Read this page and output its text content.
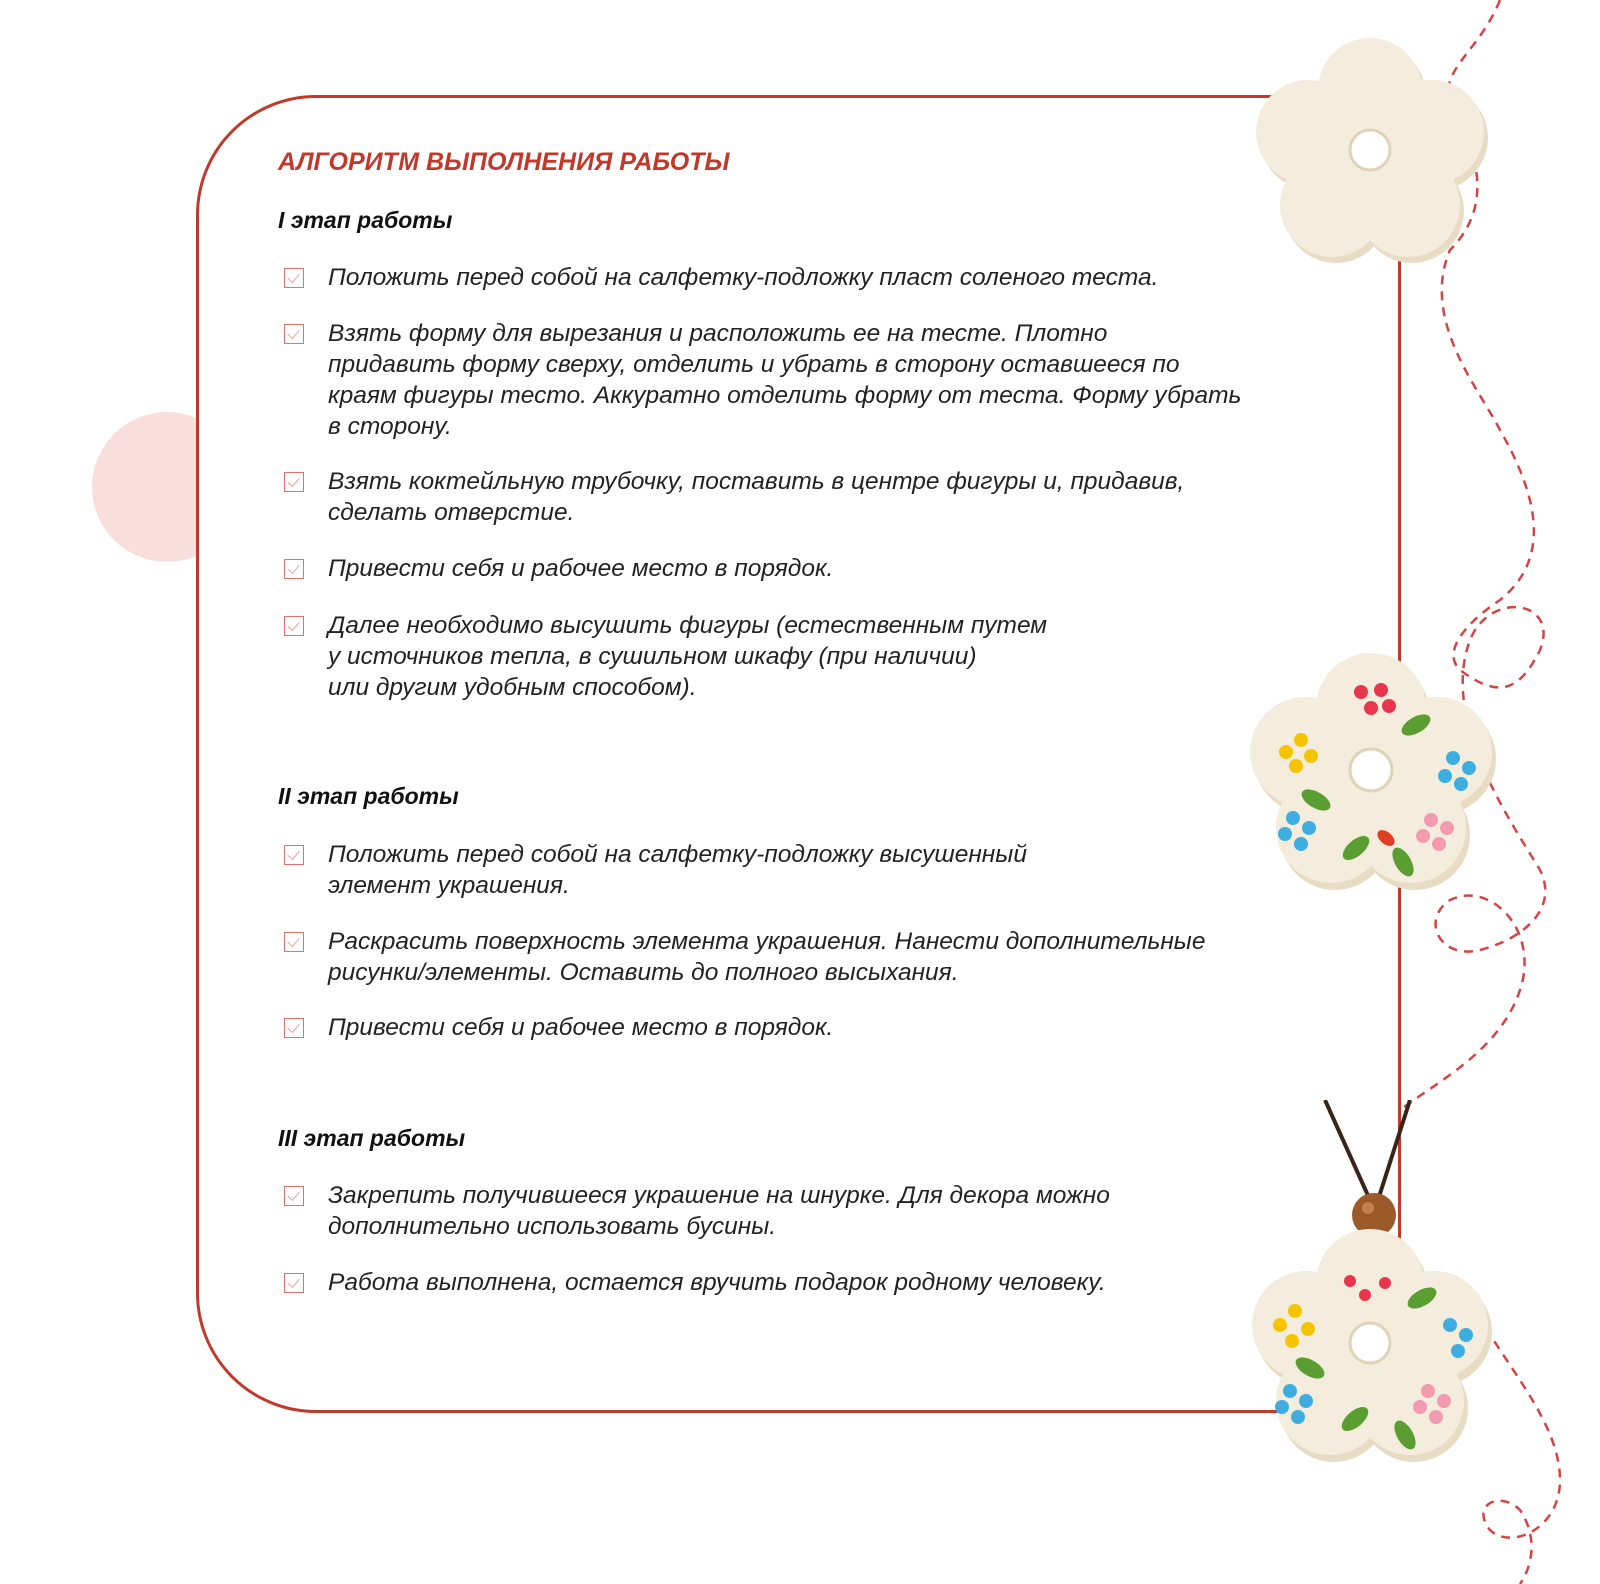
АЛГОРИТМ ВЫПОЛНЕНИЯ РАБОТЫ
I этап работы
Положить перед собой на салфетку-подложку пласт соленого теста.
Взять форму для вырезания и расположить ее на тесте. Плотно
придавить форму сверху, отделить и убрать в сторону оставшееся по
краям фигуры тесто. Аккуратно отделить форму от теста. Форму убрать
в сторону.
Взять коктейльную трубочку, поставить в центре фигуры и, придавив,
сделать отверстие.
Привести себя и рабочее место в порядок.
Далее необходимо высушить фигуры (естественным путем
у источников тепла, в сушильном шкафу (при наличии)
или другим удобным способом).
II этап работы
Положить перед собой на салфетку-подложку высушенный
элемент украшения.
Раскрасить поверхность элемента украшения. Нанести дополнительные
рисунки/элементы. Оставить до полного высыхания.
Привести себя и рабочее место в порядок.
III этап работы
Закрепить получившееся украшение на шнурке. Для декора можно
дополнительно использовать бусины.
Работа выполнена, остается вручить подарок родному человеку.
